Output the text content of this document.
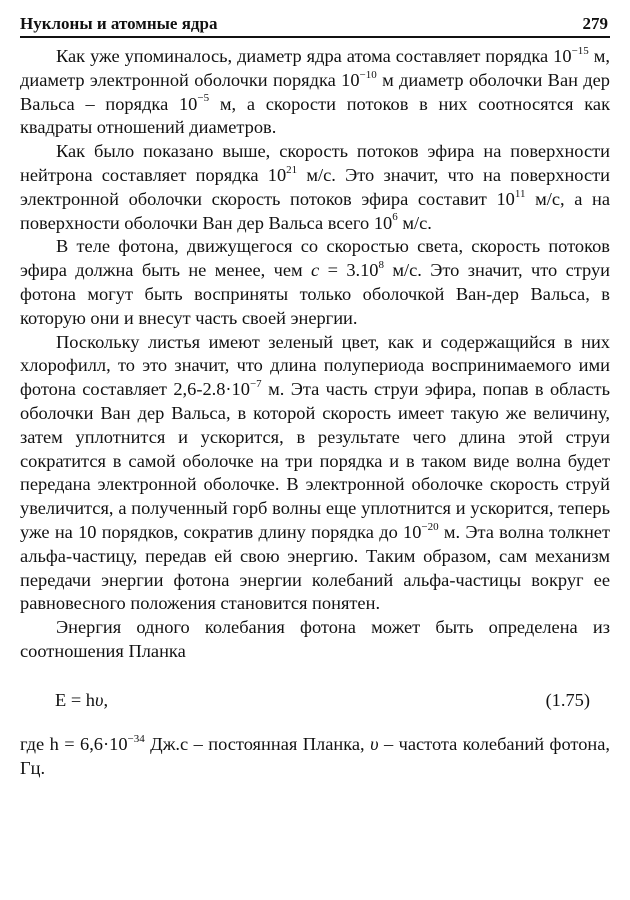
Нуклоны и атомные ядра	279

Как уже упоминалось, диаметр ядра атома составляет порядка $10^{-15}$ м, диаметр электронной оболочки порядка $10^{-10}$ м диаметр оболочки Ван дер Вальса – порядка $10^{-5}$ м, а скорости потоков в них соотносятся как квадраты отношений диаметров.

Как было показано выше, скорость потоков эфира на поверхности нейтрона составляет порядка $10^{21}$ м/с. Это значит, что на поверхности электронной оболочки скорость потоков эфира составит $10^{11}$ м/с, а на поверхности оболочки Ван дер Вальса всего $10^6$ м/с.

В теле фотона, движущегося со скоростью света, скорость потоков эфира должна быть не менее, чем $c = 3.10^8$ м/с. Это значит, что струи фотона могут быть восприняты только оболочкой Ван-дер Вальса, в которую они и внесут часть своей энергии.

Поскольку листья имеют зеленый цвет, как и содержащийся в них хлорофилл, то это значит, что длина полупериода воспринимаемого ими фотона составляет $2,6-2.8\cdot 10^{-7}$ м. Эта часть струи эфира, попав в область оболочки Ван дер Вальса, в которой скорость имеет такую же величину, затем уплотнится и ускорится, в результате чего длина этой струи сократится в самой оболочке на три порядка и в таком виде волна будет передана электронной оболочке. В электронной оболочке скорость струй увеличится, а полученный горб волны еще уплотнится и ускорится, теперь уже на 10 порядков, сократив длину порядка до $10^{-20}$ м. Эта волна толкнет альфа-частицу, передав ей свою энергию. Таким образом, сам механизм передачи энергии фотона энергии колебаний альфа-частицы вокруг ее равновесного положения становится понятен.

Энергия одного колебания фотона может быть определена из соотношения Планка

E = hυ,	(1.75)

где $h = 6,6\cdot 10^{-34}$ Дж.с – постоянная Планка, υ – частота колебаний фотона, Гц.
